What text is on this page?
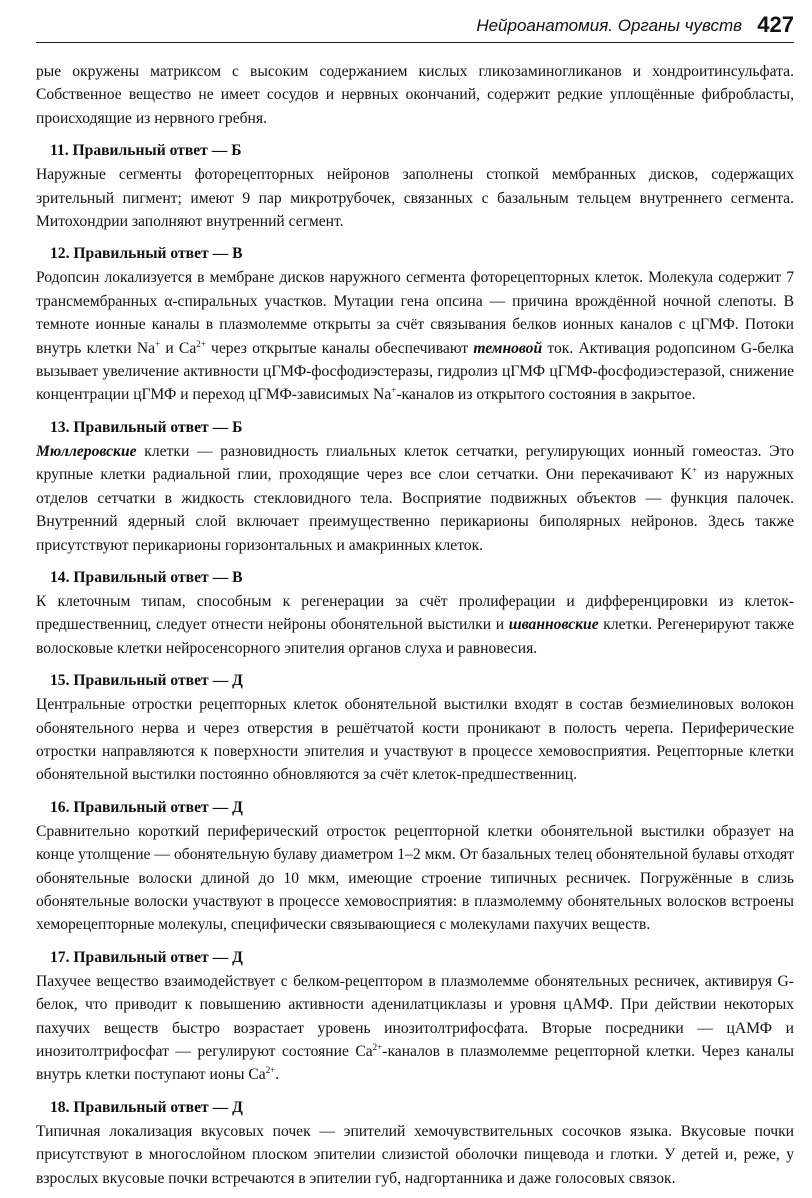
Нейроанатомия. Органы чувств 427

рые окружены матриксом с высоким содержанием кислых гликозаминогликанов и хондроитинсульфата. Собственное вещество не имеет сосудов и нервных окончаний, содержит редкие уплощённые фибробласты, происходящие из нервного гребня.

11. Правильный ответ — Б

Наружные сегменты фоторецепторных нейронов заполнены стопкой мембранных дисков, содержащих зрительный пигмент; имеют 9 пар микротрубочек, связанных с базальным тельцем внутреннего сегмента. Митохондрии заполняют внутренний сегмент.

12. Правильный ответ — В

Родопсин локализуется в мембране дисков наружного сегмента фоторецепторных клеток. Молекула содержит 7 трансмембранных α-спиральных участков. Мутации гена опсина — причина врождённой ночной слепоты. В темноте ионные каналы в плазмолемме открыты за счёт связывания белков ионных каналов с цГМФ. Потоки внутрь клетки Na+ и $Ca^{2+}$ через открытые каналы обеспечивают темновой ток. Активация родопсином G-белка вызывает увеличение активности цГМФ-фосфодиэстеразы, гидролиз цГМФ цГМФ-фосфодиэстеразой, снижение концентрации цГМФ и переход цГМФ-зависимых Na+-каналов из открытого состояния в закрытое.

13. Правильный ответ — Б

Мюллеровские клетки — разновидность глиальных клеток сетчатки, регулирующих ионный гомеостаз. Это крупные клетки радиальной глии, проходящие через все слои сетчатки. Они перекачивают K+ из наружных отделов сетчатки в жидкость стекловидного тела. Восприятие подвижных объектов — функция палочек. Внутренний ядерный слой включает преимущественно перикарионы биполярных нейронов. Здесь также присутствуют перикарионы горизонтальных и амакринных клеток.

14. Правильный ответ — В

К клеточным типам, способным к регенерации за счёт пролиферации и дифференцировки из клеток-предшественниц, следует отнести нейроны обонятельной выстилки и шванновские клетки. Регенерируют также волосковые клетки нейросенсорного эпителия органов слуха и равновесия.

15. Правильный ответ — Д

Центральные отростки рецепторных клеток обонятельной выстилки входят в состав безмиелиновых волокон обонятельного нерва и через отверстия в решётчатой кости проникают в полость черепа. Периферические отростки направляются к поверхности эпителия и участвуют в процессе хемовосприятия. Рецепторные клетки обонятельной выстилки постоянно обновляются за счёт клеток-предшественниц.

16. Правильный ответ — Д

Сравнительно короткий периферический отросток рецепторной клетки обонятельной выстилки образует на конце утолщение — обонятельную булаву диаметром 1–2 мкм. От базальных телец обонятельной булавы отходят обонятельные волоски длиной до 10 мкм, имеющие строение типичных ресничек. Погружённые в слизь обонятельные волоски участвуют в процессе хемовосприятия: в плазмолемму обонятельных волосков встроены хеморецепторные молекулы, специфически связывающиеся с молекулами пахучих веществ.

17. Правильный ответ — Д

Пахучее вещество взаимодействует с белком-рецептором в плазмолемме обонятельных ресничек, активируя G-белок, что приводит к повышению активности аденилатциклазы и уровня цАМФ. При действии некоторых пахучих веществ быстро возрастает уровень инозитолтрифосфата. Вторые посредники — цАМФ и инозитолтрифосфат — регулируют состояние $Ca^{2+}$-каналов в плазмолемме рецепторной клетки. Через каналы внутрь клетки поступают ионы $Ca^{2+}$.

18. Правильный ответ — Д

Типичная локализация вкусовых почек — эпителий хемочувствительных сосочков языка. Вкусовые почки присутствуют в многослойном плоском эпителии слизистой оболочки пищевода и глотки. У детей и, реже, у взрослых вкусовые почки встречаются в эпителии губ, надгортанника и даже голосовых связок.
